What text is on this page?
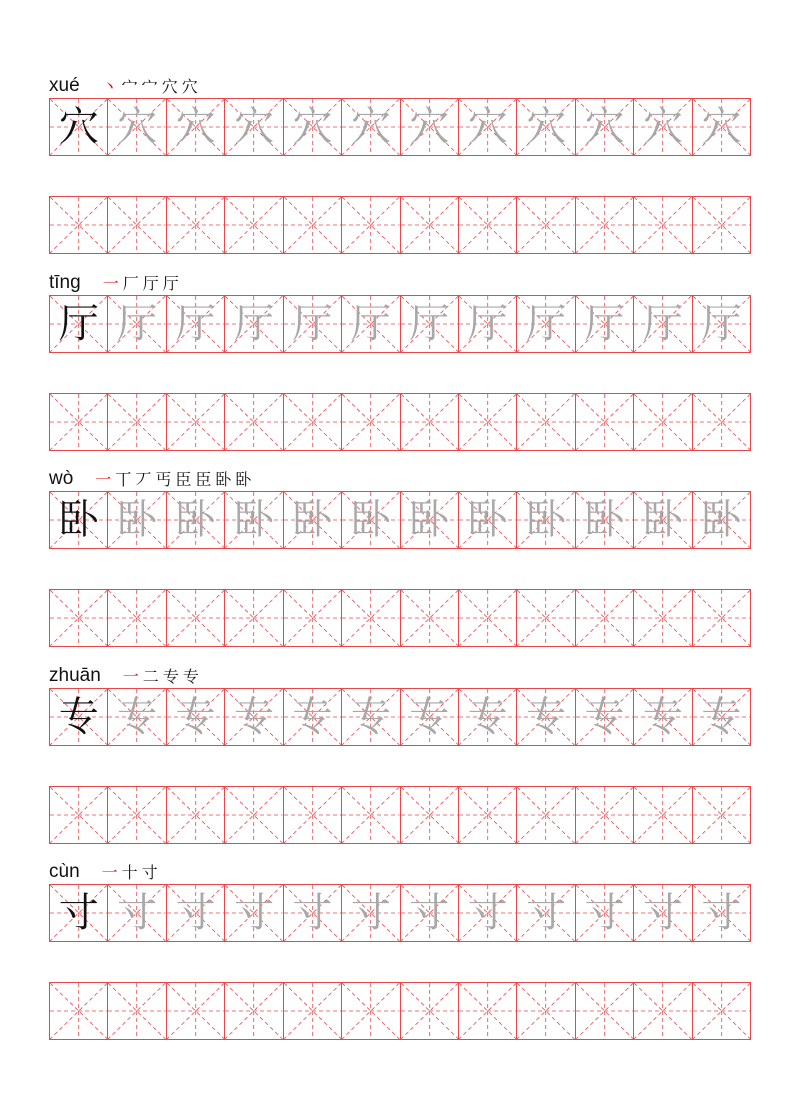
xué 丶 宀 宀 穴 穴
穴 穴 穴 穴 穴 穴 穴 穴 穴 穴 穴 穴
tīng 一 厂 厅 厅
厅 厅 厅 厅 厅 厅 厅 厅 厅 厅 厅 厅
wò 一 丅 丆 丐 臣 臣 卧 卧
卧 卧 卧 卧 卧 卧 卧 卧 卧 卧 卧 卧
zhuān 一 二 专 专
专 专 专 专 专 专 专 专 专 专 专 专
cùn 一 十 寸
寸 寸 寸 寸 寸 寸 寸 寸 寸 寸 寸 寸
